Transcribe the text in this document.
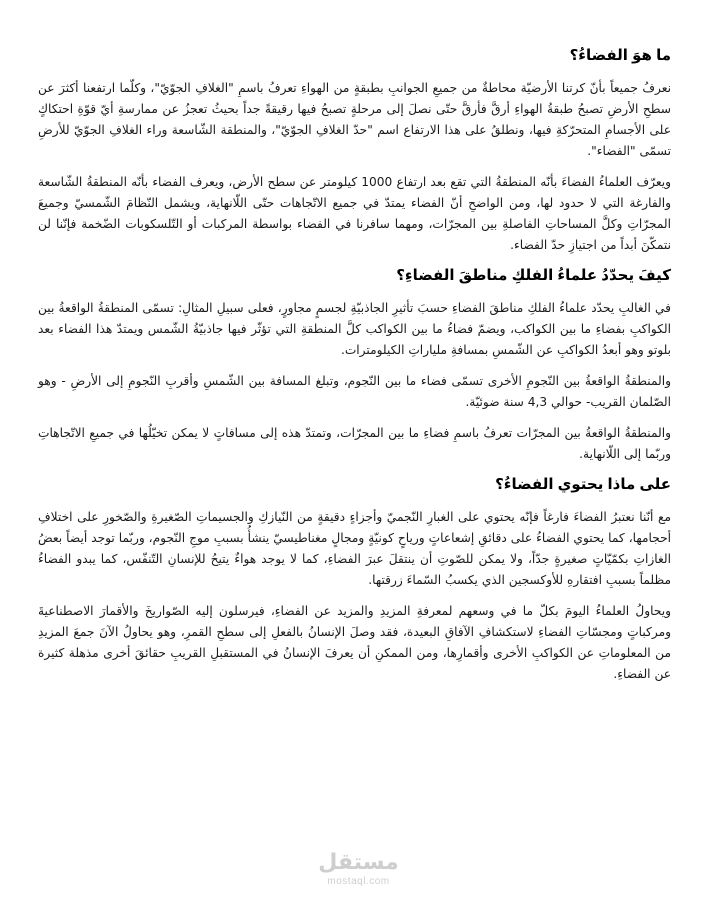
ما هوَ الفضاءُ؟

نعرفُ جميعاً بأنّ كرتنا الأرضيّة محاطةٌ من جميعِ الجوانبِ بطبقةٍ من الهواءِ تعرفُ باسمِ "الغلافِ الجوّيّ"، وكلّما ارتفعنا أكثرَ عن سطحِ الأرضِ تصبحُ طبقةُ الهواءِ أرقَّ فأرقَّ حتّى نصلَ إلى مرحلةٍ تصبحُ فيها رقيقةً جداً بحيثُ تعجزُ عن ممارسةِ أيّ قوّةِ احتكاكٍ على الأجسامِ المتحرّكةِ فيها، ونطلقُ على هذا الارتفاع اسم "حدّ الغلافِ الجوّيّ"، والمنطقة الشّاسعة وراء الغلافِ الجوّيّ للأرضِ تسمّى "الفضاء".

ويعرّف العلماءُ الفضاءَ بأنّه المنطقةُ التي تقع بعد ارتفاع 1000 كيلومتر عن سطح الأرض، ويعرف الفضاء بأنّه المنطقةُ الشّاسعة والفارغة التي لا حدود لها، ومن الواضحِ أنّ الفضاء يمتدّ في جميع الاتّجاهات حتّى اللّانهاية، ويشمل النّظامَ الشّمسيّ وجميعَ المجرّاتِ وكلَّ المساحاتِ الفاصلةِ بين المجرّات، ومهما سافرنا في الفضاء بواسطة المركبات أو التّلسكوبات الضّخمة فإنّنا لن نتمكّنَ أبداً من اجتيازِ حدّ الفضاء.

كيفَ يحدّدُ علماءُ الفلكِ مناطقَ الفضاءِ؟

في الغالبِ يحدّد علماءُ الفلكِ مناطقَ الفضاءِ حسبَ تأثيرِ الجاذبيّةِ لجسمٍ مجاورٍ، فعلى سبيلِ المثالِ: تسمّى المنطقةُ الواقعةُ بين الكواكبِ بفضاءِ ما بين الكواكب، ويضمّ فضاءُ ما بين الكواكب كلَّ المنطقةِ التي تؤثّر فيها جاذبيّةُ الشّمس ويمتدّ هذا الفضاء بعد بلوتو وهو أبعدُ الكواكبِ عن الشّمسِ بمسافةِ ملياراتِ الكيلومترات.

والمنطقةُ الواقعةُ بين النّجومِ الأخرى تسمّى فضاء ما بين النّجوم، وتبلغ المسافة بين الشّمسِ وأقربِ النّجومِ إلى الأرضِ - وهو الصّلمان القريب- حوالي 4,3 سنة ضوئيّة.

والمنطقةُ الواقعةُ بين المجرّات تعرفُ باسمِ فضاءِ ما بين المجرّات، وتمتدّ هذه إلى مسافاتٍ لا يمكن تخيّلُها في جميعِ الاتّجاهاتِ وربّما إلى اللّانهاية.

على ماذا يحتوي الفضاءُ؟

مع أنّنا نعتبرُ الفضاءَ فارغاً فإنّه يحتوي على الغبارِ النّجميّ وأجزاءٍ دقيقةٍ من النّيازكِ والجسيماتِ الصّغيرةِ والصّخورِ على اختلافِ أحجامها، كما يحتوي الفضاءُ على دقائقِ إشعاعاتٍ ورياحٍ كونيّةٍ ومجالٍ مغناطيسيّ ينشأُ بسببِ موجِ النّجوم، وربّما توجد أيضاً بعضُ الغازاتِ بكمّيّاتٍ صغيرةٍ جدّاً، ولا يمكن للصّوتِ أن ينتقلَ عبرَ الفضاءِ، كما لا يوجد هواءٌ يتيحُ للإنسانِ التّنفّس، كما يبدو الفضاءُ مظلماً بسببِ افتقارهِ للأوكسجين الذي يكسبُ السّماءَ زرقتها.

ويحاولُ العلماءُ اليومَ بكلّ ما في وسعهم لمعرفةِ المزيدِ والمزيد عن الفضاءِ، فيرسلون إليه الصّواريخَ والأقمارَ الاصطناعيةَ ومركباتٍ ومجسّاتِ الفضاءِ لاستكشافِ الآفاقِ البعيدة، فقد وصلَ الإنسانُ بالفعلِ إلى سطحِ القمرِ، وهو يحاولُ الآنَ جمعَ المزيدِ من المعلوماتِ عن الكواكبِ الأخرى وأقمارِها، ومن الممكنِ أن يعرفَ الإنسانُ في المستقبلِ القريبِ حقائقَ أخرى مذهلة كثيرة عن الفضاءِ.

مستقل
mostaql.com
